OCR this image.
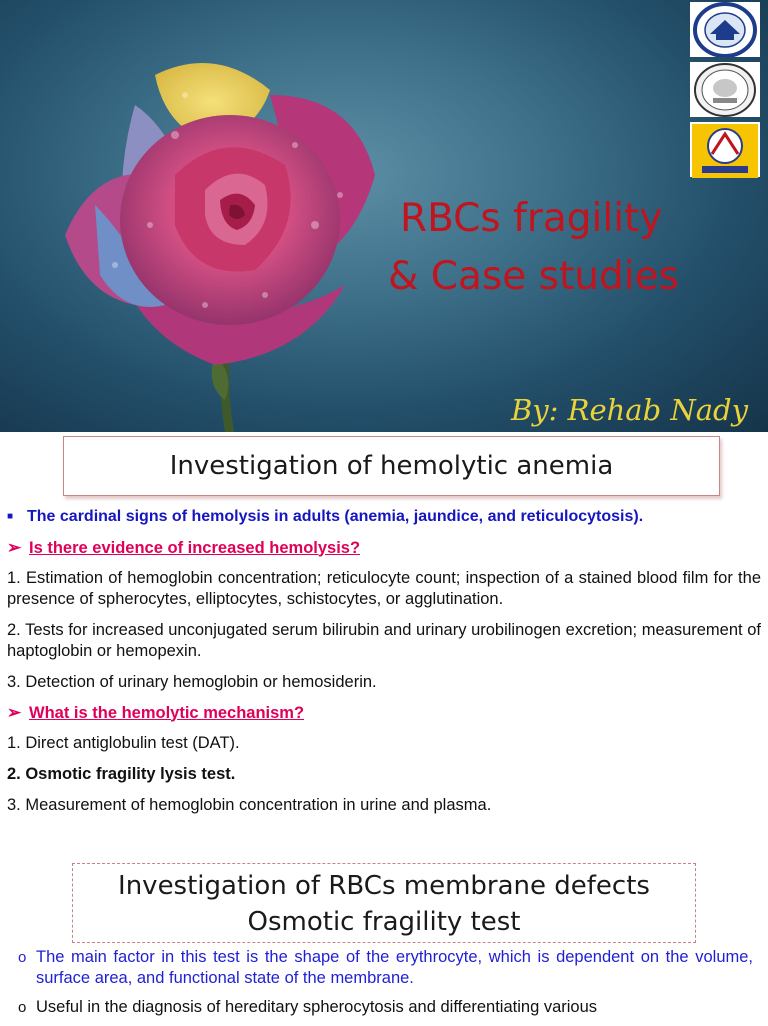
RBCs fragility
& Case studies
By: Rehab Nady
Investigation of hemolytic anemia
■ The cardinal signs of hemolysis in adults (anemia, jaundice, and reticulocytosis).
➢ Is there evidence of increased hemolysis?
1. Estimation of hemoglobin concentration; reticulocyte count; inspection of a stained blood film for the presence of spherocytes, elliptocytes, schistocytes, or agglutination.
2. Tests for increased unconjugated serum bilirubin and urinary urobilinogen excretion; measurement of haptoglobin or hemopexin.
3. Detection of urinary hemoglobin or hemosiderin.
➢ What is the hemolytic mechanism?
1. Direct antiglobulin test (DAT).
2. Osmotic fragility lysis test.
3. Measurement of hemoglobin concentration in urine and plasma.
Investigation of RBCs membrane defects
Osmotic fragility test
o The main factor in this test is the shape of the erythrocyte, which is dependent on the volume, surface area, and functional state of the membrane.
o Useful in the diagnosis of hereditary spherocytosis and differentiating various
